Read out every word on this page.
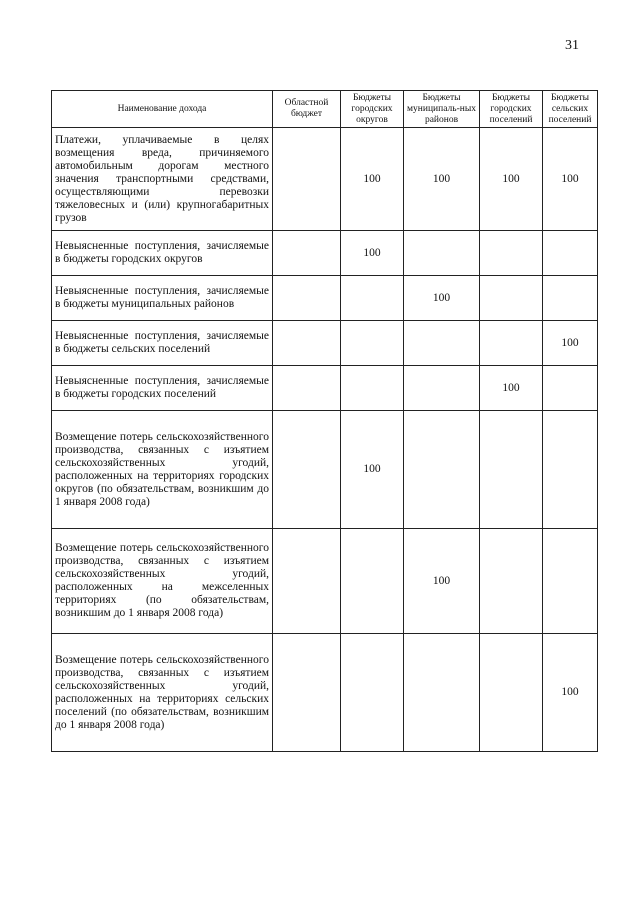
31
Наименование дохода	Областной бюджет	Бюджеты городских округов	Бюджеты муниципаль-ных районов	Бюджеты городских поселений	Бюджеты сельских поселений
Платежи, уплачиваемые в целях возмещения вреда, причиняемого автомобильным дорогам местного значения транспортными средствами, осуществляющими перевозки тяжеловесных и (или) крупногабаритных грузов		100	100	100	100
Невыясненные поступления, зачисляемые в бюджеты городских округов		100			
Невыясненные поступления, зачисляемые в бюджеты муниципальных районов			100		
Невыясненные поступления, зачисляемые в бюджеты сельских поселений					100
Невыясненные поступления, зачисляемые в бюджеты городских поселений				100	
Возмещение потерь сельскохозяйственного производства, связанных с изъятием сельскохозяйственных угодий, расположенных на территориях городских округов (по обязательствам, возникшим до 1 января 2008 года)		100			
Возмещение потерь сельскохозяйственного производства, связанных с изъятием сельскохозяйственных угодий, расположенных на межселенных территориях (по обязательствам, возникшим до 1 января 2008 года)			100		
Возмещение потерь сельскохозяйственного производства, связанных с изъятием сельскохозяйственных угодий, расположенных на территориях сельских поселений (по обязательствам, возникшим до 1 января 2008 года)					100
